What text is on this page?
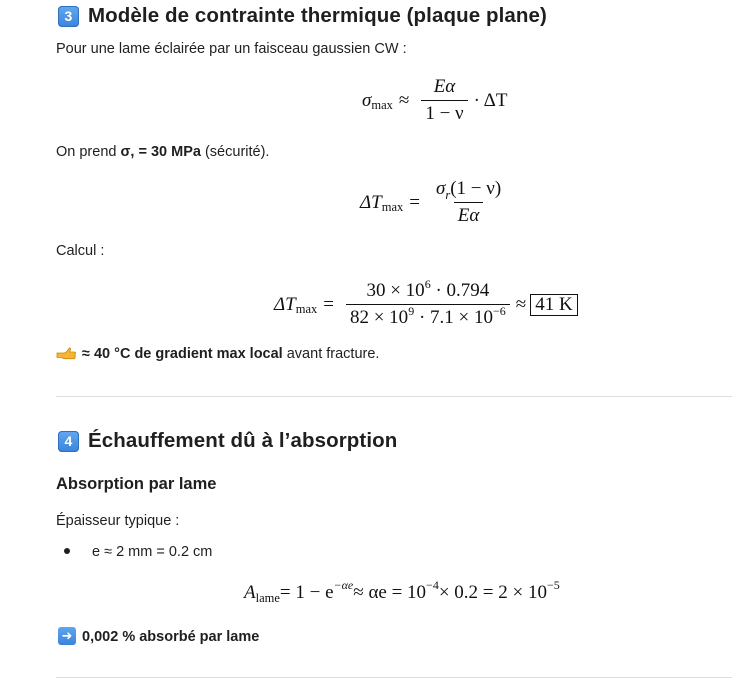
3 Modèle de contrainte thermique (plaque plane)
Pour une lame éclairée par un faisceau gaussien CW :
σ $\max \approx \frac{E\alpha}{1 - \nu} \cdot \Delta T$
On prend σ, = 30 MPa (sécurité).
ΔT $\max = \frac{\sigma_r(1 - \nu)}{E\alpha}$
Calcul :
ΔT $\max = \frac{30 \times 10^6 \cdot 0.794}{82 \times 10^9 \cdot 7.1 \times 10^{-6}} \approx 41$ K
≈ 40 °C de gradient max local avant fracture.
4 Échauffement dû à l’absorption
Absorption par lame
Épaisseur typique :
e ≈ 2 mm = 0.2 cm
A lame = 1 − e −αe ≈ αe = 10 −4 × 0.2 = 2 × 10 −5
➜ 0,002 % absorbé par lame
